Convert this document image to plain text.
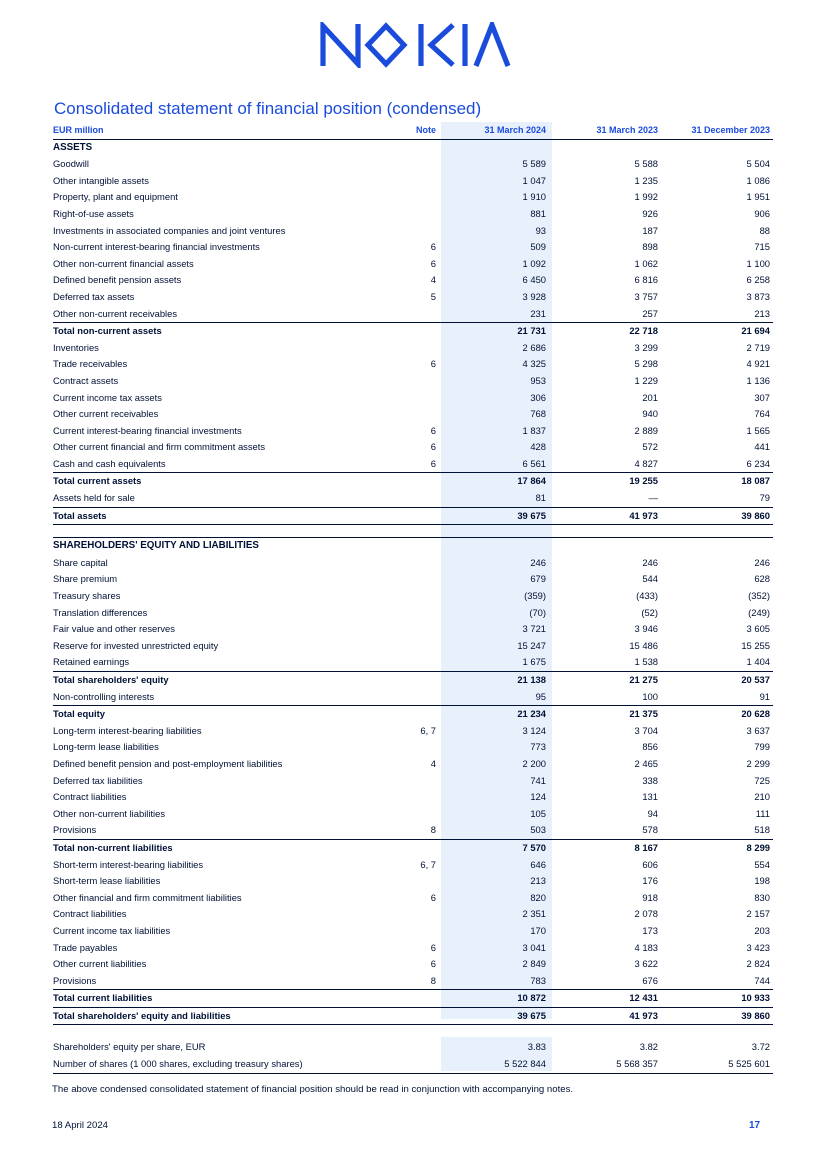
Consolidated statement of financial position (condensed)
EUR million	Note	31 March 2024	31 March 2023	31 December 2023
ASSETS				
Goodwill		5 589	5 588	5 504
Other intangible assets		1 047	1 235	1 086
Property, plant and equipment		1 910	1 992	1 951
Right-of-use assets		881	926	906
Investments in associated companies and joint ventures		93	187	88
Non-current interest-bearing financial investments	6	509	898	715
Other non-current financial assets	6	1 092	1 062	1 100
Defined benefit pension assets	4	6 450	6 816	6 258
Deferred tax assets	5	3 928	3 757	3 873
Other non-current receivables		231	257	213
Total non-current assets		21 731	22 718	21 694
Inventories		2 686	3 299	2 719
Trade receivables	6	4 325	5 298	4 921
Contract assets		953	1 229	1 136
Current income tax assets		306	201	307
Other current receivables		768	940	764
Current interest-bearing financial investments	6	1 837	2 889	1 565
Other current financial and firm commitment assets	6	428	572	441
Cash and cash equivalents	6	6 561	4 827	6 234
Total current assets		17 864	19 255	18 087
Assets held for sale		81	—	79
Total assets		39 675	41 973	39 860

SHAREHOLDERS' EQUITY AND LIABILITIES				
Share capital		246	246	246
Share premium		679	544	628
Treasury shares		(359)	(433)	(352)
Translation differences		(70)	(52)	(249)
Fair value and other reserves		3 721	3 946	3 605
Reserve for invested unrestricted equity		15 247	15 486	15 255
Retained earnings		1 675	1 538	1 404
Total shareholders' equity		21 138	21 275	20 537
Non-controlling interests		95	100	91
Total equity		21 234	21 375	20 628
Long-term interest-bearing liabilities	6, 7	3 124	3 704	3 637
Long-term lease liabilities		773	856	799
Defined benefit pension and post-employment liabilities	4	2 200	2 465	2 299
Deferred tax liabilities		741	338	725
Contract liabilities		124	131	210
Other non-current liabilities		105	94	111
Provisions	8	503	578	518
Total non-current liabilities		7 570	8 167	8 299
Short-term interest-bearing liabilities	6, 7	646	606	554
Short-term lease liabilities		213	176	198
Other financial and firm commitment liabilities	6	820	918	830
Contract liabilities		2 351	2 078	2 157
Current income tax liabilities		170	173	203
Trade payables	6	3 041	4 183	3 423
Other current liabilities	6	2 849	3 622	2 824
Provisions	8	783	676	744
Total current liabilities		10 872	12 431	10 933
Total shareholders' equity and liabilities		39 675	41 973	39 860

Shareholders' equity per share, EUR		3.83	3.82	3.72
Number of shares (1 000 shares, excluding treasury shares)		5 522 844	5 568 357	5 525 601
The above condensed consolidated statement of financial position should be read in conjunction with accompanying notes.
18 April 2024	17
